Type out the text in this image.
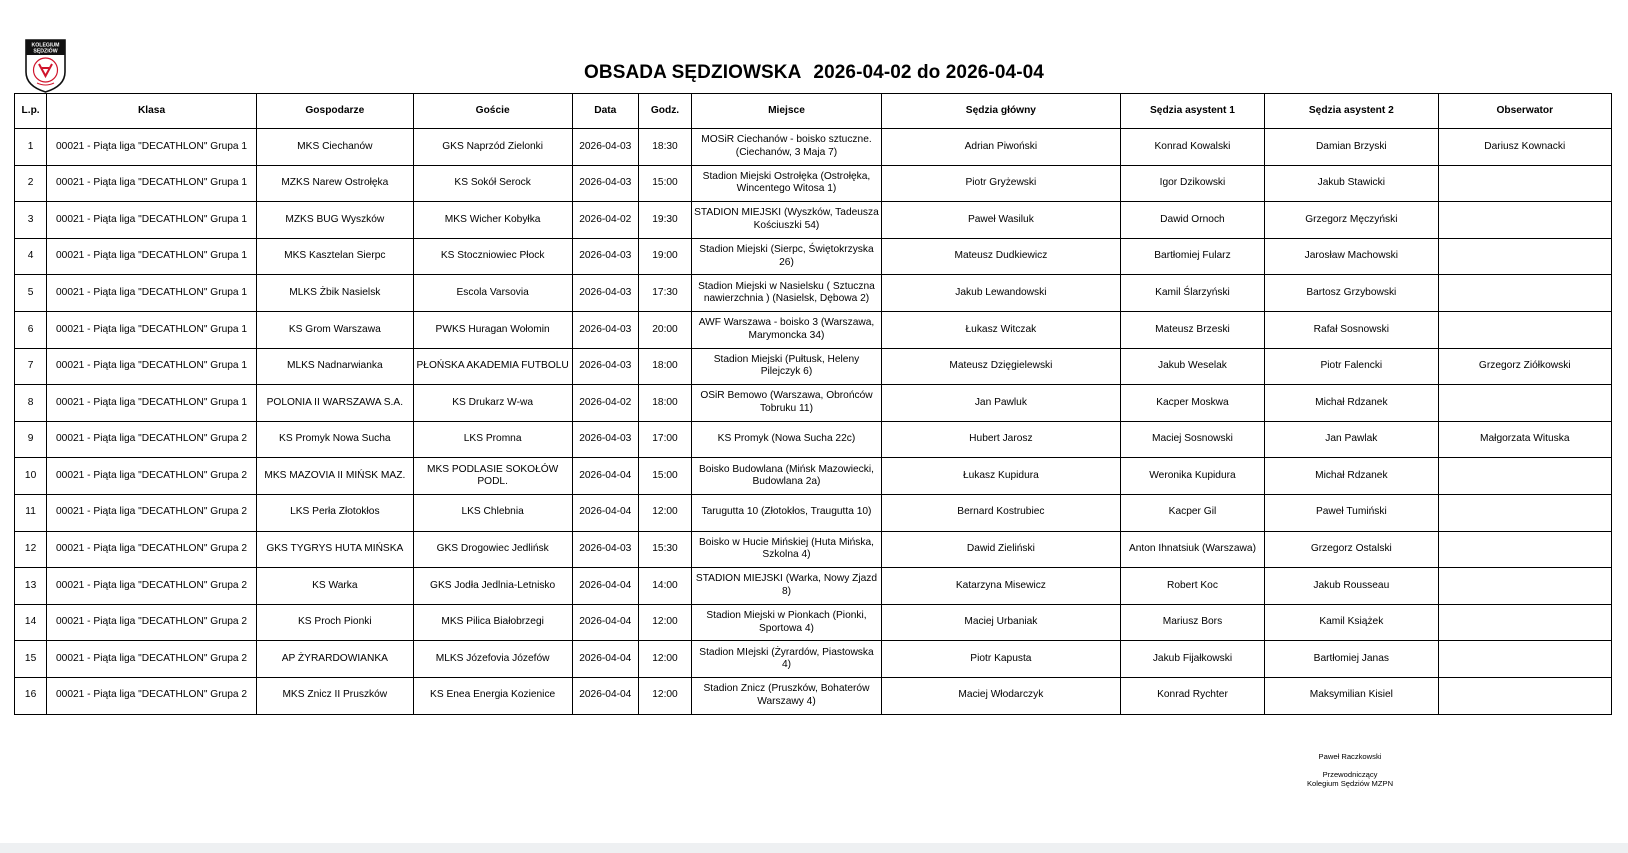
KOLEGIUM
SĘDZIÓW
OBSADA SĘDZIOWSKA 2026-04-02 do 2026-04-04
L.p.	Klasa	Gospodarze	Goście	Data	Godz.	Miejsce	Sędzia główny	Sędzia asystent 1	Sędzia asystent 2	Obserwator
1	00021 - Piąta liga "DECATHLON" Grupa 1	MKS Ciechanów	GKS Naprzód Zielonki	2026-04-03	18:30	MOSiR Ciechanów - boisko sztuczne. (Ciechanów, 3 Maja 7)	Adrian Piwoński	Konrad Kowalski	Damian Brzyski	Dariusz Kownacki
2	00021 - Piąta liga "DECATHLON" Grupa 1	MZKS Narew Ostrołęka	KS Sokół Serock	2026-04-03	15:00	Stadion Miejski Ostrołęka (Ostrołęka, Wincentego Witosa 1)	Piotr Gryżewski	Igor Dzikowski	Jakub Stawicki	
3	00021 - Piąta liga "DECATHLON" Grupa 1	MZKS BUG Wyszków	MKS Wicher Kobyłka	2026-04-02	19:30	STADION MIEJSKI (Wyszków, Tadeusza Kościuszki 54)	Paweł Wasiluk	Dawid Ornoch	Grzegorz Męczyński	
4	00021 - Piąta liga "DECATHLON" Grupa 1	MKS Kasztelan Sierpc	KS Stoczniowiec Płock	2026-04-03	19:00	Stadion Miejski (Sierpc, Świętokrzyska 26)	Mateusz Dudkiewicz	Bartłomiej Fularz	Jarosław Machowski	
5	00021 - Piąta liga "DECATHLON" Grupa 1	MLKS Żbik Nasielsk	Escola Varsovia	2026-04-03	17:30	Stadion Miejski w Nasielsku ( Sztuczna nawierzchnia ) (Nasielsk, Dębowa 2)	Jakub Lewandowski	Kamil Ślarzyński	Bartosz Grzybowski	
6	00021 - Piąta liga "DECATHLON" Grupa 1	KS Grom Warszawa	PWKS Huragan Wołomin	2026-04-03	20:00	AWF Warszawa - boisko 3 (Warszawa, Marymoncka 34)	Łukasz Witczak	Mateusz Brzeski	Rafał Sosnowski	
7	00021 - Piąta liga "DECATHLON" Grupa 1	MLKS Nadnarwianka	PŁOŃSKA AKADEMIA FUTBOLU	2026-04-03	18:00	Stadion Miejski (Pułtusk, Heleny Pilejczyk 6)	Mateusz Dzięgielewski	Jakub Weselak	Piotr Falencki	Grzegorz Ziółkowski
8	00021 - Piąta liga "DECATHLON" Grupa 1	POLONIA II WARSZAWA S.A.	KS Drukarz W-wa	2026-04-02	18:00	OSiR Bemowo (Warszawa, Obrońców Tobruku 11)	Jan Pawluk	Kacper Moskwa	Michał Rdzanek	
9	00021 - Piąta liga "DECATHLON" Grupa 2	KS Promyk Nowa Sucha	LKS Promna	2026-04-03	17:00	KS Promyk (Nowa Sucha 22c)	Hubert Jarosz	Maciej Sosnowski	Jan Pawlak	Małgorzata Wituska
10	00021 - Piąta liga "DECATHLON" Grupa 2	MKS MAZOVIA II MIŃSK MAZ.	MKS PODLASIE SOKOŁÓW PODL.	2026-04-04	15:00	Boisko Budowlana (Mińsk Mazowiecki, Budowlana 2a)	Łukasz Kupidura	Weronika Kupidura	Michał Rdzanek	
11	00021 - Piąta liga "DECATHLON" Grupa 2	LKS Perła Złotokłos	LKS Chlebnia	2026-04-04	12:00	Tarugutta 10 (Złotokłos, Traugutta 10)	Bernard Kostrubiec	Kacper Gil	Paweł Tumiński	
12	00021 - Piąta liga "DECATHLON" Grupa 2	GKS TYGRYS HUTA MIŃSKA	GKS Drogowiec Jedlińsk	2026-04-03	15:30	Boisko w Hucie Mińskiej (Huta Mińska, Szkolna 4)	Dawid Zieliński	Anton Ihnatsiuk (Warszawa)	Grzegorz Ostalski	
13	00021 - Piąta liga "DECATHLON" Grupa 2	KS Warka	GKS Jodła Jedlnia-Letnisko	2026-04-04	14:00	STADION MIEJSKI (Warka, Nowy Zjazd 8)	Katarzyna Misewicz	Robert Koc	Jakub Rousseau	
14	00021 - Piąta liga "DECATHLON" Grupa 2	KS Proch Pionki	MKS Pilica Białobrzegi	2026-04-04	12:00	Stadion Miejski w Pionkach (Pionki, Sportowa 4)	Maciej Urbaniak	Mariusz Bors	Kamil Książek	
15	00021 - Piąta liga "DECATHLON" Grupa 2	AP ŻYRARDOWIANKA	MLKS Józefovia Józefów	2026-04-04	12:00	Stadion MIejski (Żyrardów, Piastowska 4)	Piotr Kapusta	Jakub Fijałkowski	Bartłomiej Janas	
16	00021 - Piąta liga "DECATHLON" Grupa 2	MKS Znicz II Pruszków	KS Enea Energia Kozienice	2026-04-04	12:00	Stadion Znicz (Pruszków, Bohaterów Warszawy 4)	Maciej Włodarczyk	Konrad Rychter	Maksymilian Kisiel	
Paweł Raczkowski
Przewodniczący
Kolegium Sędziów MZPN
